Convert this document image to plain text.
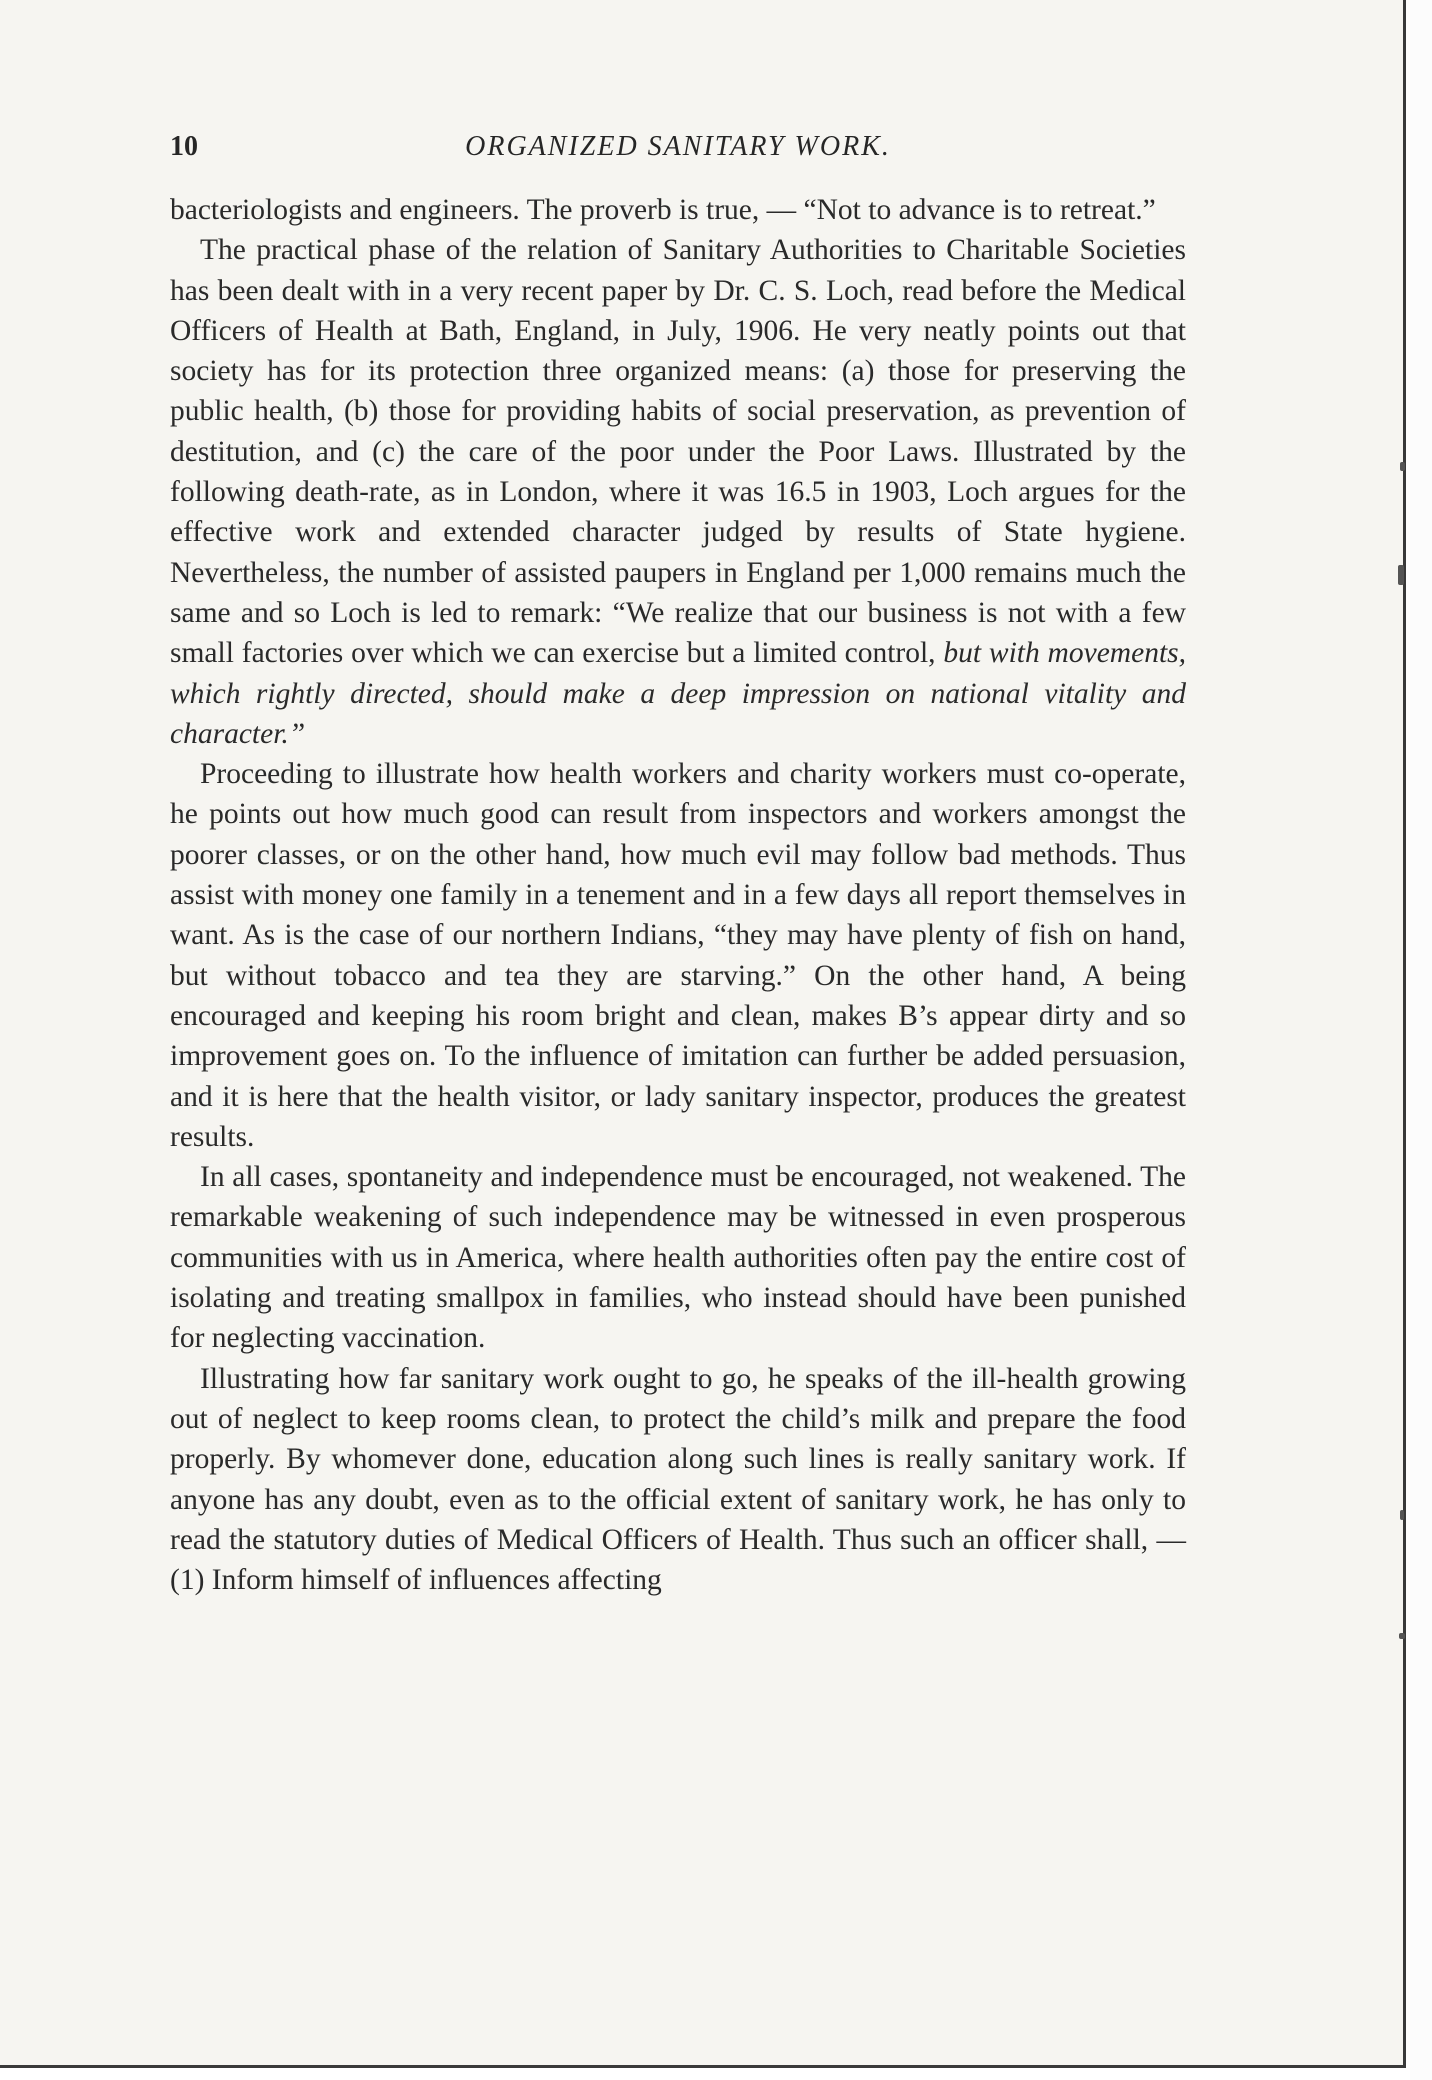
10	ORGANIZED SANITARY WORK.

bacteriologists and engineers. The proverb is true, — “Not to advance is to retreat.”

The practical phase of the relation of Sanitary Authorities to Charitable Societies has been dealt with in a very recent paper by Dr. C. S. Loch, read before the Medical Officers of Health at Bath, England, in July, 1906. He very neatly points out that society has for its protection three organized means: (a) those for preserving the public health, (b) those for providing habits of social preservation, as prevention of destitution, and (c) the care of the poor under the Poor Laws. Illustrated by the following death-rate, as in London, where it was 16.5 in 1903, Loch argues for the effective work and extended character judged by results of State hygiene. Nevertheless, the number of assisted paupers in England per 1,000 remains much the same and so Loch is led to remark: “We realize that our business is not with a few small factories over which we can exercise but a limited control, but with movements, which rightly directed, should make a deep impression on national vitality and character.”

Proceeding to illustrate how health workers and charity workers must co-operate, he points out how much good can result from inspectors and workers amongst the poorer classes, or on the other hand, how much evil may follow bad methods. Thus assist with money one family in a tenement and in a few days all report themselves in want. As is the case of our northern Indians, “they may have plenty of fish on hand, but without tobacco and tea they are starving.” On the other hand, A being encouraged and keeping his room bright and clean, makes B’s appear dirty and so improvement goes on. To the influence of imitation can further be added persuasion, and it is here that the health visitor, or lady sanitary inspector, produces the greatest results.

In all cases, spontaneity and independence must be encouraged, not weakened. The remarkable weakening of such independence may be witnessed in even prosperous communities with us in America, where health authorities often pay the entire cost of isolating and treating smallpox in families, who instead should have been punished for neglecting vaccination.

Illustrating how far sanitary work ought to go, he speaks of the ill-health growing out of neglect to keep rooms clean, to protect the child’s milk and prepare the food properly. By whomever done, education along such lines is really sanitary work. If anyone has any doubt, even as to the official extent of sanitary work, he has only to read the statutory duties of Medical Officers of Health. Thus such an officer shall, — (1) Inform himself of influences affecting
